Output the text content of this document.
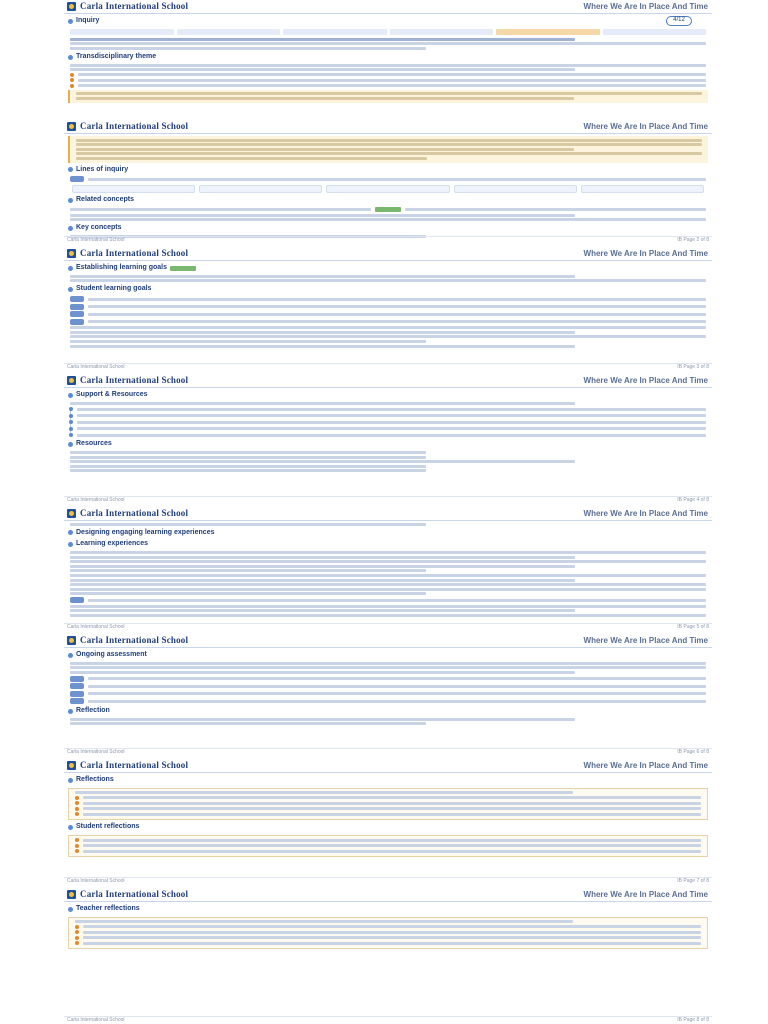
Carla International School	Where We Are In Place And Time
4/12
Inquiry
Transdisciplinary theme
Carla International School	Where We Are In Place And Time
Lines of inquiry
Related concepts
Key concepts
Carla International School	IB Page 2 of 8
Carla International School	Where We Are In Place And Time
Establishing learning goals
Student learning goals
Carla International School	IB Page 3 of 8
Carla International School	Where We Are In Place And Time
Support & Resources
Resources
Carla International School	IB Page 4 of 8
Carla International School	Where We Are In Place And Time
Designing engaging learning experiences
Learning experiences
Carla International School	IB Page 5 of 8
Carla International School	Where We Are In Place And Time
Ongoing assessment
Reflection
Carla International School	IB Page 6 of 8
Carla International School	Where We Are In Place And Time
Reflections
Student reflections
Carla International School	IB Page 7 of 8
Carla International School	Where We Are In Place And Time
Teacher reflections
Carla International School	IB Page 8 of 8
